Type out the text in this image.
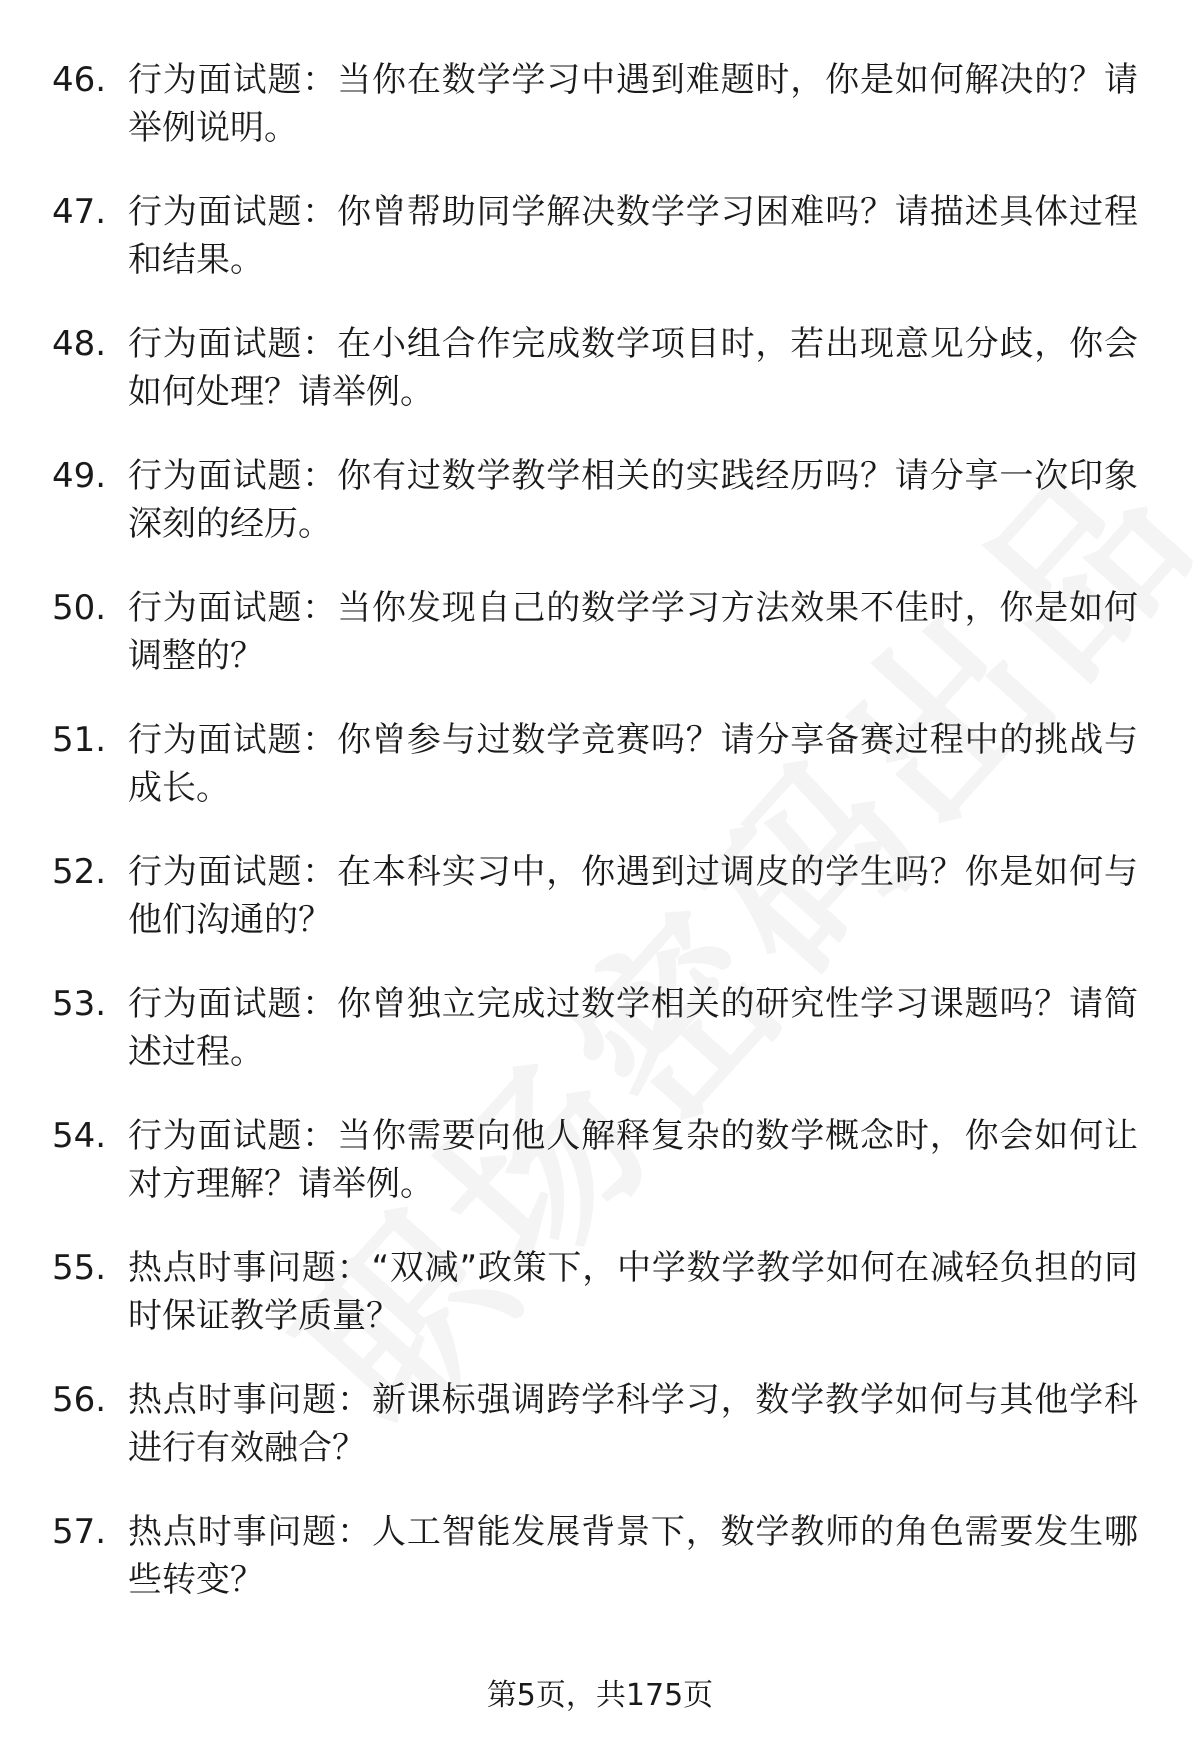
46. 行为面试题：当你在数学学习中遇到难题时，你是如何解决的？请举例说明。
47. 行为面试题：你曾帮助同学解决数学学习困难吗？请描述具体过程和结果。
48. 行为面试题：在小组合作完成数学项目时，若出现意见分歧，你会如何处理？请举例。
49. 行为面试题：你有过数学教学相关的实践经历吗？请分享一次印象深刻的经历。
50. 行为面试题：当你发现自己的数学学习方法效果不佳时，你是如何调整的？
51. 行为面试题：你曾参与过数学竞赛吗？请分享备赛过程中的挑战与成长。
52. 行为面试题：在本科实习中，你遇到过调皮的学生吗？你是如何与他们沟通的？
53. 行为面试题：你曾独立完成过数学相关的研究性学习课题吗？请简述过程。
54. 行为面试题：当你需要向他人解释复杂的数学概念时，你会如何让对方理解？请举例。
55. 热点时事问题：“双减”政策下，中学数学教学如何在减轻负担的同时保证教学质量？
56. 热点时事问题：新课标强调跨学科学习，数学教学如何与其他学科进行有效融合？
57. 热点时事问题：人工智能发展背景下，数学教师的角色需要发生哪些转变？
第5页，共175页
